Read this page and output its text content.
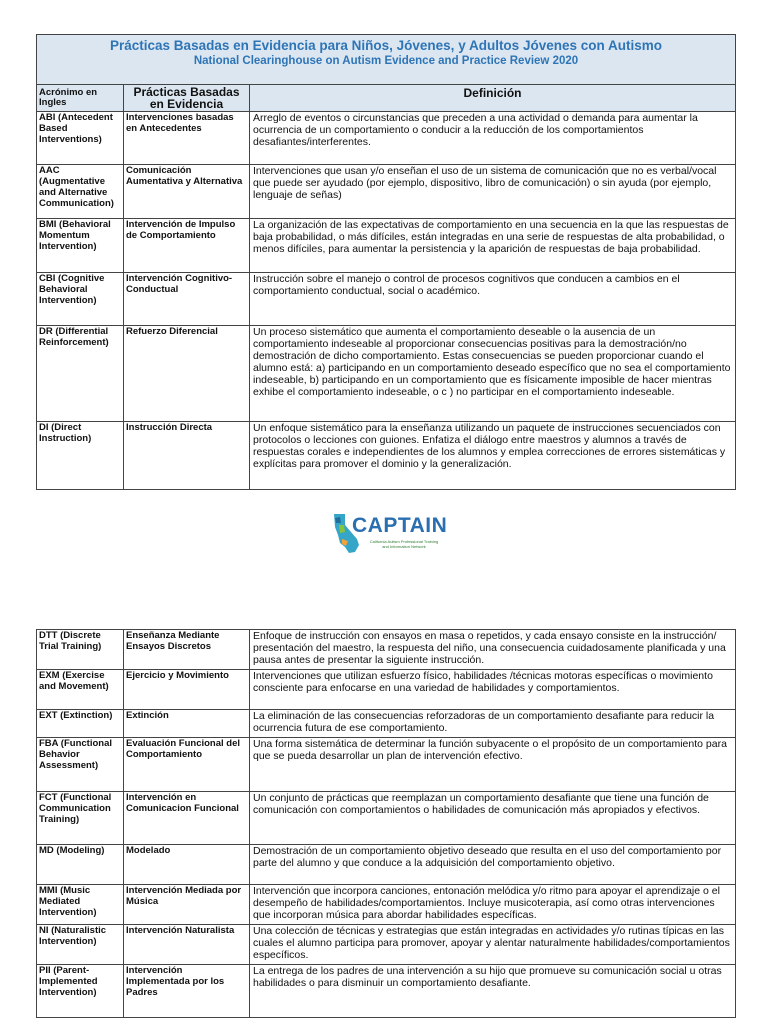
Prácticas Basadas en Evidencia para Niños, Jóvenes, y Adultos Jóvenes con Autismo
National Clearinghouse on Autism Evidence and Practice Review 2020		

Acrónimo en Ingles	Prácticas Basadas en Evidencia	Definición
ABI (Antecedent Based Interventions)	Intervenciones basadas en Antecedentes	Arreglo de eventos o circunstancias que preceden a una actividad o demanda para aumentar la ocurrencia de un comportamiento o conducir a la reducción de los comportamientos desafiantes/interferentes.
AAC (Augmentative and Alternative Communication)	Comunicación Aumentativa y Alternativa	Intervenciones que usan y/o enseñan el uso de un sistema de comunicación que no es verbal/vocal que puede ser ayudado (por ejemplo, dispositivo, libro de comunicación) o sin ayuda (por ejemplo, lenguaje de señas)
BMI (Behavioral Momentum Intervention)	Intervención de Impulso de Comportamiento	La organización de las expectativas de comportamiento en una secuencia en la que las respuestas de baja probabilidad, o más difíciles, están integradas en una serie de respuestas de alta probabilidad, o menos difíciles, para aumentar la persistencia y la aparición de respuestas de baja probabilidad.
CBI (Cognitive Behavioral Intervention)	Intervención Cognitivo-Conductual	Instrucción sobre el manejo o control de procesos cognitivos que conducen a cambios en el comportamiento conductual, social o académico.
DR (Differential Reinforcement)	Refuerzo Diferencial	Un proceso sistemático que aumenta el comportamiento deseable o la ausencia de un comportamiento indeseable al proporcionar consecuencias positivas para la demostración/no demostración de dicho comportamiento. Estas consecuencias se pueden proporcionar cuando el alumno está: a) participando en un comportamiento deseado específico que no sea el comportamiento indeseable, b) participando en un comportamiento que es físicamente imposible de hacer mientras exhibe el comportamiento indeseable, o c ) no participar en el comportamiento indeseable.
DI (Direct Instruction)	Instrucción Directa	Un enfoque sistemático para la enseñanza utilizando un paquete de instrucciones secuenciados con protocolos o lecciones con guiones. Enfatiza el diálogo entre maestros y alumnos a través de respuestas corales e independientes de los alumnos y emplea correcciones de errores sistemáticas y explícitas para promover el dominio y la generalización.
CAPTAIN
California Autism Professional Training and Information Network
DTT (Discrete Trial Training)	Enseñanza Mediante Ensayos Discretos	Enfoque de instrucción con ensayos en masa o repetidos, y cada ensayo consiste en la instrucción/ presentación del maestro, la respuesta del niño, una consecuencia cuidadosamente planificada y una pausa antes de presentar la siguiente instrucción.
EXM (Exercise and Movement)	Ejercicio y Movimiento	Intervenciones que utilizan esfuerzo físico, habilidades /técnicas motoras específicas o movimiento consciente para enfocarse en una variedad de habilidades y comportamientos.
EXT (Extinction)	Extinción	La eliminación de las consecuencias reforzadoras de un comportamiento desafiante para reducir la ocurrencia futura de ese comportamiento.
FBA (Functional Behavior Assessment)	Evaluación Funcional del Comportamiento	Una forma sistemática de determinar la función subyacente o el propósito de un comportamiento para que se pueda desarrollar un plan de intervención efectivo.
FCT (Functional Communication Training)	Intervención en Comunicacion Funcional	Un conjunto de prácticas que reemplazan un comportamiento desafiante que tiene una función de comunicación con comportamientos o habilidades de comunicación más apropiados y efectivos.
MD (Modeling)	Modelado	Demostración de un comportamiento objetivo deseado que resulta en el uso del comportamiento por parte del alumno y que conduce a la adquisición del comportamiento objetivo.
MMI (Music Mediated Intervention)	Intervención Mediada por Música	Intervención que incorpora canciones, entonación melódica y/o ritmo para apoyar el aprendizaje o el desempeño de habilidades/comportamientos. Incluye musicoterapia, así como otras intervenciones que incorporan música para abordar habilidades específicas.
NI (Naturalistic Intervention)	Intervención Naturalista	Una colección de técnicas y estrategias que están integradas en actividades y/o rutinas típicas en las cuales el alumno participa para promover, apoyar y alentar naturalmente habilidades/comportamientos específicos.
PII (Parent-Implemented Intervention)	Intervención Implementada por los Padres	La entrega de los padres de una intervención a su hijo que promueve su comunicación social u otras habilidades o para disminuir un comportamiento desafiante.
